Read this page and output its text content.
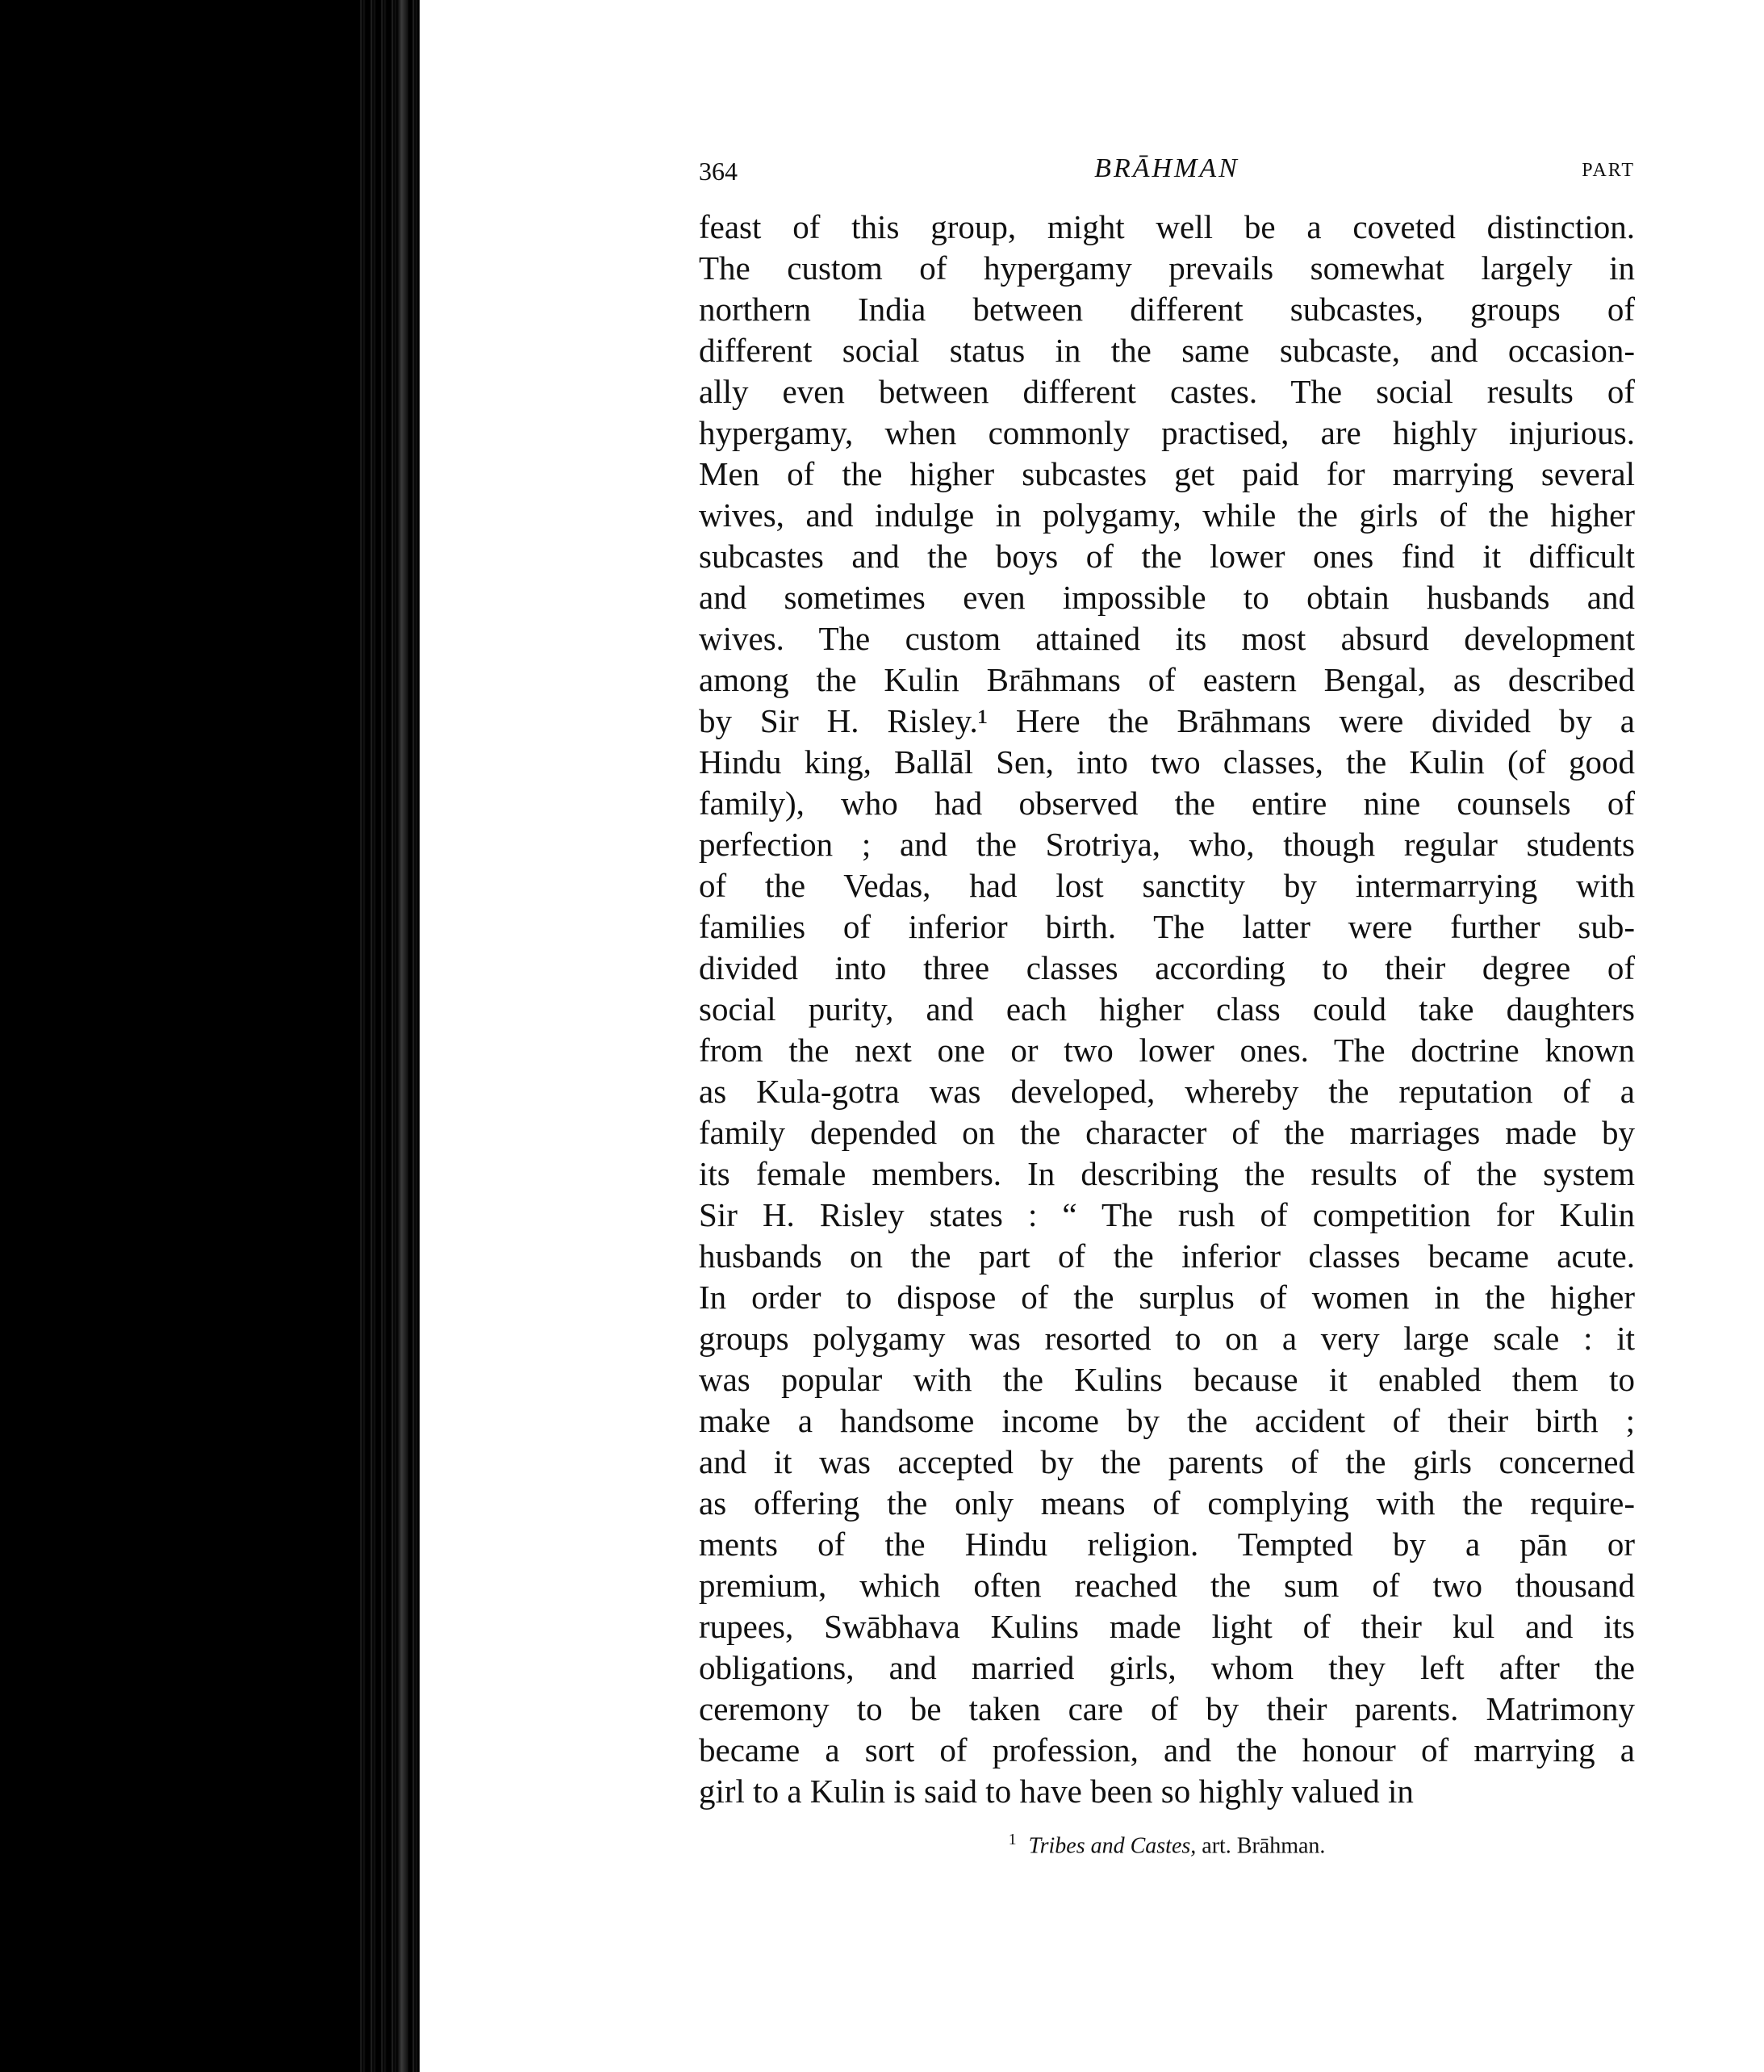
364	BRĀHMAN	PART
feast of this group, might well be a coveted distinction.
The custom of hypergamy prevails somewhat largely in
northern India between different subcastes, groups of
different social status in the same subcaste, and occasion-
ally even between different castes. The social results of
hypergamy, when commonly practised, are highly injurious.
Men of the higher subcastes get paid for marrying several
wives, and indulge in polygamy, while the girls of the higher
subcastes and the boys of the lower ones find it difficult
and sometimes even impossible to obtain husbands and
wives. The custom attained its most absurd development
among the Kulin Brāhmans of eastern Bengal, as described
by Sir H. Risley.¹ Here the Brāhmans were divided by a
Hindu king, Ballāl Sen, into two classes, the Kulin (of good
family), who had observed the entire nine counsels of
perfection ; and the Srotriya, who, though regular students
of the Vedas, had lost sanctity by intermarrying with
families of inferior birth. The latter were further sub-
divided into three classes according to their degree of
social purity, and each higher class could take daughters
from the next one or two lower ones. The doctrine known
as Kula-gotra was developed, whereby the reputation of a
family depended on the character of the marriages made by
its female members. In describing the results of the system
Sir H. Risley states : “ The rush of competition for Kulin
husbands on the part of the inferior classes became acute.
In order to dispose of the surplus of women in the higher
groups polygamy was resorted to on a very large scale : it
was popular with the Kulins because it enabled them to
make a handsome income by the accident of their birth ;
and it was accepted by the parents of the girls concerned
as offering the only means of complying with the require-
ments of the Hindu religion. Tempted by a pān or
premium, which often reached the sum of two thousand
rupees, Swābhava Kulins made light of their kul and its
obligations, and married girls, whom they left after the
ceremony to be taken care of by their parents. Matrimony
became a sort of profession, and the honour of marrying a
girl to a Kulin is said to have been so highly valued in
$^1$ Tribes and Castes, art. Brāhman.
